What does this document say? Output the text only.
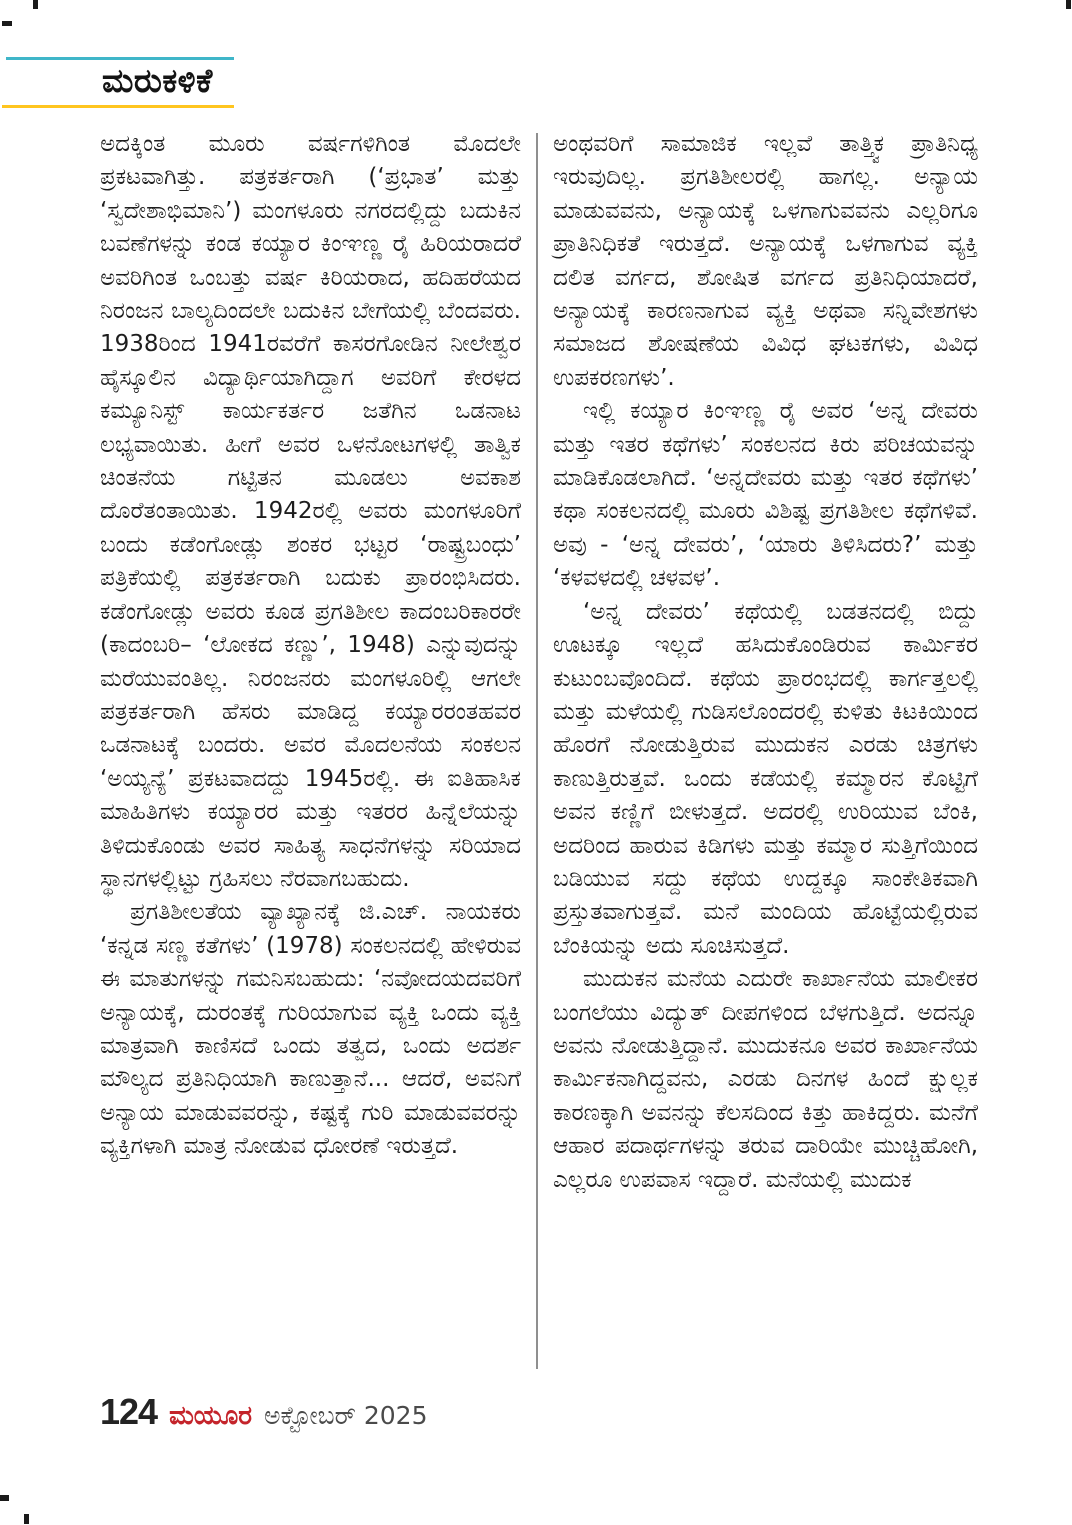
ಮರುಕಳಿಕೆ

ಅದಕ್ಕಿಂತ ಮೂರು ವರ್ಷಗಳಿಗಿಂತ ಮೊದಲೇ ಪ್ರಕಟವಾಗಿತ್ತು. ಪತ್ರಕರ್ತರಾಗಿ (‘ಪ್ರಭಾತ’ ಮತ್ತು ‘ಸ್ವದೇಶಾಭಿಮಾನಿ’) ಮಂಗಳೂರು ನಗರದಲ್ಲಿದ್ದು ಬದುಕಿನ ಬವಣೆಗಳನ್ನು ಕಂಡ ಕಯ್ಯಾರ ಕಿಂಞಣ್ಣ ರೈ ಹಿರಿಯರಾದರೆ ಅವರಿಗಿಂತ ಒಂಬತ್ತು ವರ್ಷ ಕಿರಿಯರಾದ, ಹದಿಹರೆಯದ ನಿರಂಜನ ಬಾಲ್ಯದಿಂದಲೇ ಬದುಕಿನ ಬೇಗೆಯಲ್ಲಿ ಬೆಂದವರು. 1938ರಿಂದ 1941ರವರೆಗೆ ಕಾಸರಗೋಡಿನ ನೀಲೇಶ್ವರ ಹೈಸ್ಕೂಲಿನ ವಿದ್ಯಾರ್ಥಿಯಾಗಿದ್ದಾಗ ಅವರಿಗೆ ಕೇರಳದ ಕಮ್ಯೂನಿಸ್ಟ್ ಕಾರ್ಯಕರ್ತರ ಜತೆಗಿನ ಒಡನಾಟ ಲಭ್ಯವಾಯಿತು. ಹೀಗೆ ಅವರ ಒಳನೋಟಗಳಲ್ಲಿ ತಾತ್ವಿಕ ಚಿಂತನೆಯ ಗಟ್ಟಿತನ ಮೂಡಲು ಅವಕಾಶ ದೊರೆತಂತಾಯಿತು. 1942ರಲ್ಲಿ ಅವರು ಮಂಗಳೂರಿಗೆ ಬಂದು ಕಡೆಂಗೋಡ್ಲು ಶಂಕರ ಭಟ್ಟರ ‘ರಾಷ್ಟ್ರಬಂಧು’ ಪತ್ರಿಕೆಯಲ್ಲಿ ಪತ್ರಕರ್ತರಾಗಿ ಬದುಕು ಪ್ರಾರಂಭಿಸಿದರು. ಕಡೆಂಗೋಡ್ಲು ಅವರು ಕೂಡ ಪ್ರಗತಿಶೀಲ ಕಾದಂಬರಿಕಾರರೇ (ಕಾದಂಬರಿ– ‘ಲೋಕದ ಕಣ್ಣು’, 1948) ಎನ್ನುವುದನ್ನು ಮರೆಯುವಂತಿಲ್ಲ. ನಿರಂಜನರು ಮಂಗಳೂರಿಲ್ಲಿ ಆಗಲೇ ಪತ್ರಕರ್ತರಾಗಿ ಹೆಸರು ಮಾಡಿದ್ದ ಕಯ್ಯಾರರಂತಹವರ ಒಡನಾಟಕ್ಕೆ ಬಂದರು. ಅವರ ಮೊದಲನೆಯ ಸಂಕಲನ ‘ಅಯ್ಯನ್ಯೆ’ ಪ್ರಕಟವಾದದ್ದು 1945ರಲ್ಲಿ. ಈ ಐತಿಹಾಸಿಕ ಮಾಹಿತಿಗಳು ಕಯ್ಯಾರರ ಮತ್ತು ಇತರರ ಹಿನ್ನೆಲೆಯನ್ನು ತಿಳಿದುಕೊಂಡು ಅವರ ಸಾಹಿತ್ಯ ಸಾಧನೆಗಳನ್ನು ಸರಿಯಾದ ಸ್ಥಾನಗಳಲ್ಲಿಟ್ಟು ಗ್ರಹಿಸಲು ನೆರವಾಗಬಹುದು.

ಪ್ರಗತಿಶೀಲತೆಯ ವ್ಯಾಖ್ಯಾನಕ್ಕೆ ಜಿ.ಎಚ್. ನಾಯಕರು ‘ಕನ್ನಡ ಸಣ್ಣ ಕತೆಗಳು’ (1978) ಸಂಕಲನದಲ್ಲಿ ಹೇಳಿರುವ ಈ ಮಾತುಗಳನ್ನು ಗಮನಿಸಬಹುದು: ‘ನವೋದಯದವರಿಗೆ ಅನ್ಯಾಯಕ್ಕೆ, ದುರಂತಕ್ಕೆ ಗುರಿಯಾಗುವ ವ್ಯಕ್ತಿ ಒಂದು ವ್ಯಕ್ತಿ ಮಾತ್ರವಾಗಿ ಕಾಣಿಸದೆ ಒಂದು ತತ್ವದ, ಒಂದು ಅದರ್ಶ ಮೌಲ್ಯದ ಪ್ರತಿನಿಧಿಯಾಗಿ ಕಾಣುತ್ತಾನೆ... ಆದರೆ, ಅವನಿಗೆ ಅನ್ಯಾಯ ಮಾಡುವವರನ್ನು, ಕಷ್ಟಕ್ಕೆ ಗುರಿ ಮಾಡುವವರನ್ನು ವ್ಯಕ್ತಿಗಳಾಗಿ ಮಾತ್ರ ನೋಡುವ ಧೋರಣೆ ಇರುತ್ತದೆ.

ಅಂಥವರಿಗೆ ಸಾಮಾಜಿಕ ಇಲ್ಲವೆ ತಾತ್ತ್ವಿಕ ಪ್ರಾತಿನಿಧ್ಯ ಇರುವುದಿಲ್ಲ. ಪ್ರಗತಿಶೀಲರಲ್ಲಿ ಹಾಗಲ್ಲ. ಅನ್ಯಾಯ ಮಾಡುವವನು, ಅನ್ಯಾಯಕ್ಕೆ ಒಳಗಾಗುವವನು ಎಲ್ಲರಿಗೂ ಪ್ರಾತಿನಿಧಿಕತೆ ಇರುತ್ತದೆ. ಅನ್ಯಾಯಕ್ಕೆ ಒಳಗಾಗುವ ವ್ಯಕ್ತಿ ದಲಿತ ವರ್ಗದ, ಶೋಷಿತ ವರ್ಗದ ಪ್ರತಿನಿಧಿಯಾದರೆ, ಅನ್ಯಾಯಕ್ಕೆ ಕಾರಣನಾಗುವ ವ್ಯಕ್ತಿ ಅಥವಾ ಸನ್ನಿವೇಶಗಳು ಸಮಾಜದ ಶೋಷಣೆಯ ವಿವಿಧ ಘಟಕಗಳು, ವಿವಿಧ ಉಪಕರಣಗಳು’.

ಇಲ್ಲಿ ಕಯ್ಯಾರ ಕಿಂಞಣ್ಣ ರೈ ಅವರ ‘ಅನ್ನ ದೇವರು ಮತ್ತು ಇತರ ಕಥೆಗಳು’ ಸಂಕಲನದ ಕಿರು ಪರಿಚಯವನ್ನು ಮಾಡಿಕೊಡಲಾಗಿದೆ. ‘ಅನ್ನದೇವರು ಮತ್ತು ಇತರ ಕಥೆಗಳು’ ಕಥಾ ಸಂಕಲನದಲ್ಲಿ ಮೂರು ವಿಶಿಷ್ಟ ಪ್ರಗತಿಶೀಲ ಕಥೆಗಳಿವೆ. ಅವು - ‘ಅನ್ನ ದೇವರು’, ‘ಯಾರು ತಿಳಿಸಿದರು?’ ಮತ್ತು ‘ಕಳವಳದಲ್ಲಿ ಚಳವಳ’.

‘ಅನ್ನ ದೇವರು’ ಕಥೆಯಲ್ಲಿ ಬಡತನದಲ್ಲಿ ಬಿದ್ದು ಊಟಕ್ಕೂ ಇಲ್ಲದೆ ಹಸಿದುಕೊಂಡಿರುವ ಕಾರ್ಮಿಕರ ಕುಟುಂಬವೊಂದಿದೆ. ಕಥೆಯ ಪ್ರಾರಂಭದಲ್ಲಿ ಕಾರ್ಗತ್ತಲಲ್ಲಿ ಮತ್ತು ಮಳೆಯಲ್ಲಿ ಗುಡಿಸಲೊಂದರಲ್ಲಿ ಕುಳಿತು ಕಿಟಕಿಯಿಂದ ಹೊರಗೆ ನೋಡುತ್ತಿರುವ ಮುದುಕನ ಎರಡು ಚಿತ್ರಗಳು ಕಾಣುತ್ತಿರುತ್ತವೆ. ಒಂದು ಕಡೆಯಲ್ಲಿ ಕಮ್ಮಾರನ ಕೊಟ್ಟಿಗೆ ಅವನ ಕಣ್ಣಿಗೆ ಬೀಳುತ್ತದೆ. ಅದರಲ್ಲಿ ಉರಿಯುವ ಬೆಂಕಿ, ಅದರಿಂದ ಹಾರುವ ಕಿಡಿಗಳು ಮತ್ತು ಕಮ್ಮಾರ ಸುತ್ತಿಗೆಯಿಂದ ಬಡಿಯುವ ಸದ್ದು ಕಥೆಯ ಉದ್ದಕ್ಕೂ ಸಾಂಕೇತಿಕವಾಗಿ ಪ್ರಸ್ತುತವಾಗುತ್ತವೆ. ಮನೆ ಮಂದಿಯ ಹೊಟ್ಟೆಯಲ್ಲಿರುವ ಬೆಂಕಿಯನ್ನು ಅದು ಸೂಚಿಸುತ್ತದೆ.

ಮುದುಕನ ಮನೆಯ ಎದುರೇ ಕಾರ್ಖಾನೆಯ ಮಾಲೀಕರ ಬಂಗಲೆಯು ವಿದ್ಯುತ್ ದೀಪಗಳಿಂದ ಬೆಳಗುತ್ತಿದೆ. ಅದನ್ನೂ ಅವನು ನೋಡುತ್ತಿದ್ದಾನೆ. ಮುದುಕನೂ ಅವರ ಕಾರ್ಖಾನೆಯ ಕಾರ್ಮಿಕನಾಗಿದ್ದವನು, ಎರಡು ದಿನಗಳ ಹಿಂದೆ ಕ್ಷುಲ್ಲಕ ಕಾರಣಕ್ಕಾಗಿ ಅವನನ್ನು ಕೆಲಸದಿಂದ ಕಿತ್ತು ಹಾಕಿದ್ದರು. ಮನೆಗೆ ಆಹಾರ ಪದಾರ್ಥಗಳನ್ನು ತರುವ ದಾರಿಯೇ ಮುಚ್ಚಿಹೋಗಿ, ಎಲ್ಲರೂ ಉಪವಾಸ ಇದ್ದಾರೆ. ಮನೆಯಲ್ಲಿ ಮುದುಕ

124 ಮಯೂರ ಅಕ್ಟೋಬರ್ 2025
